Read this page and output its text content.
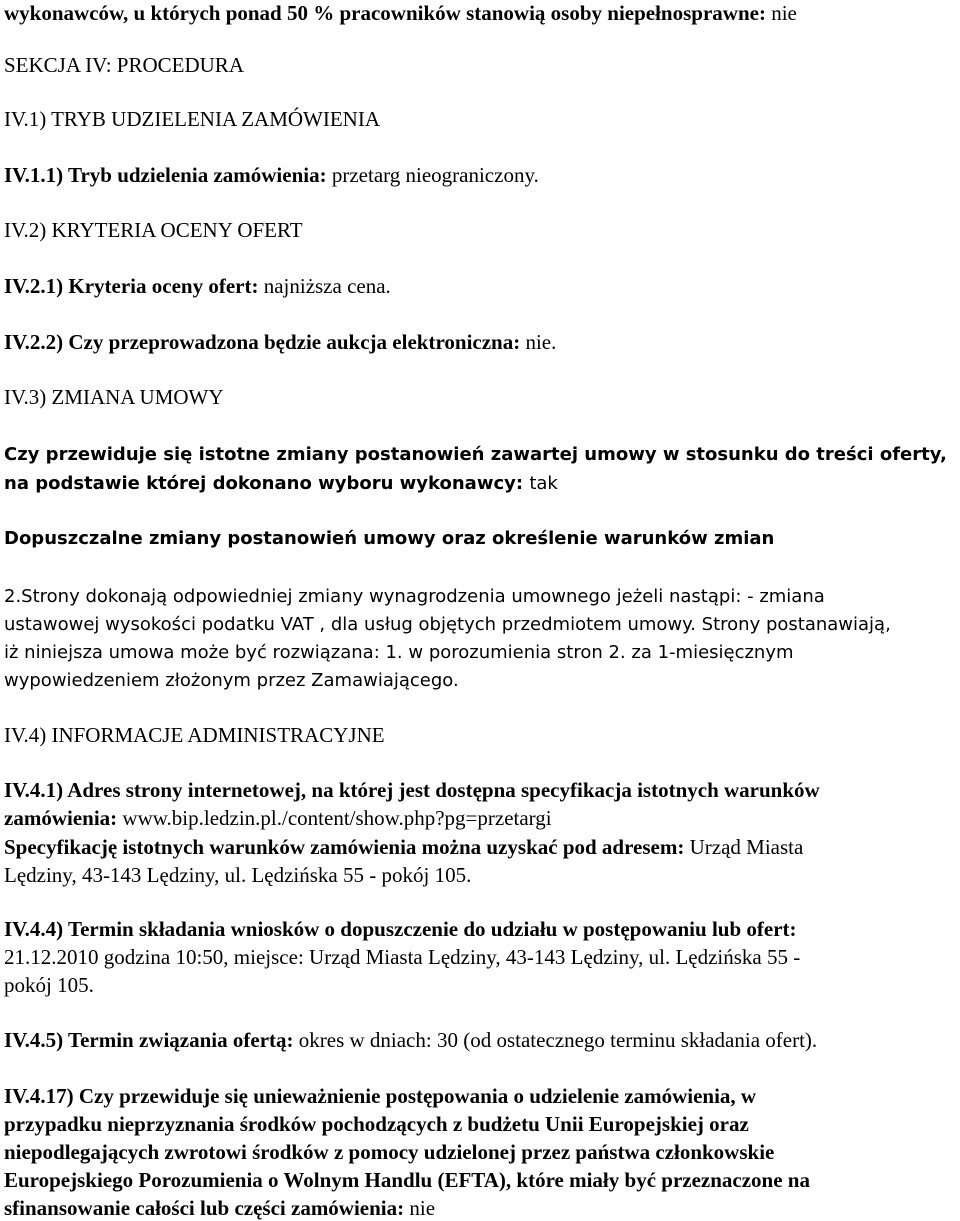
wykonawców, u których ponad 50 % pracowników stanowią osoby niepełnosprawne: nie
SEKCJA IV: PROCEDURA
IV.1) TRYB UDZIELENIA ZAMÓWIENIA
IV.1.1) Tryb udzielenia zamówienia: przetarg nieograniczony.
IV.2) KRYTERIA OCENY OFERT
IV.2.1) Kryteria oceny ofert: najniższa cena.
IV.2.2) Czy przeprowadzona będzie aukcja elektroniczna: nie.
IV.3) ZMIANA UMOWY
Czy przewiduje się istotne zmiany postanowień zawartej umowy w stosunku do treści oferty,
na podstawie której dokonano wyboru wykonawcy: tak
Dopuszczalne zmiany postanowień umowy oraz określenie warunków zmian
2.Strony dokonają odpowiedniej zmiany wynagrodzenia umownego jeżeli nastąpi: - zmiana
ustawowej wysokości podatku VAT , dla usług objętych przedmiotem umowy. Strony postanawiają,
iż niniejsza umowa może być rozwiązana: 1. w porozumienia stron 2. za 1-miesięcznym
wypowiedzeniem złożonym przez Zamawiającego.
IV.4) INFORMACJE ADMINISTRACYJNE
IV.4.1) Adres strony internetowej, na której jest dostępna specyfikacja istotnych warunków
zamówienia: www.bip.ledzin.pl./content/show.php?pg=przetargi
Specyfikację istotnych warunków zamówienia można uzyskać pod adresem: Urząd Miasta
Lędziny, 43-143 Lędziny, ul. Lędzińska 55 - pokój 105.
IV.4.4) Termin składania wniosków o dopuszczenie do udziału w postępowaniu lub ofert:
21.12.2010 godzina 10:50, miejsce: Urząd Miasta Lędziny, 43-143 Lędziny, ul. Lędzińska 55 -
pokój 105.
IV.4.5) Termin związania ofertą: okres w dniach: 30 (od ostatecznego terminu składania ofert).
IV.4.17) Czy przewiduje się unieważnienie postępowania o udzielenie zamówienia, w
przypadku nieprzyznania środków pochodzących z budżetu Unii Europejskiej oraz
niepodlegających zwrotowi środków z pomocy udzielonej przez państwa członkowskie
Europejskiego Porozumienia o Wolnym Handlu (EFTA), które miały być przeznaczone na
sfinansowanie całości lub części zamówienia: nie
